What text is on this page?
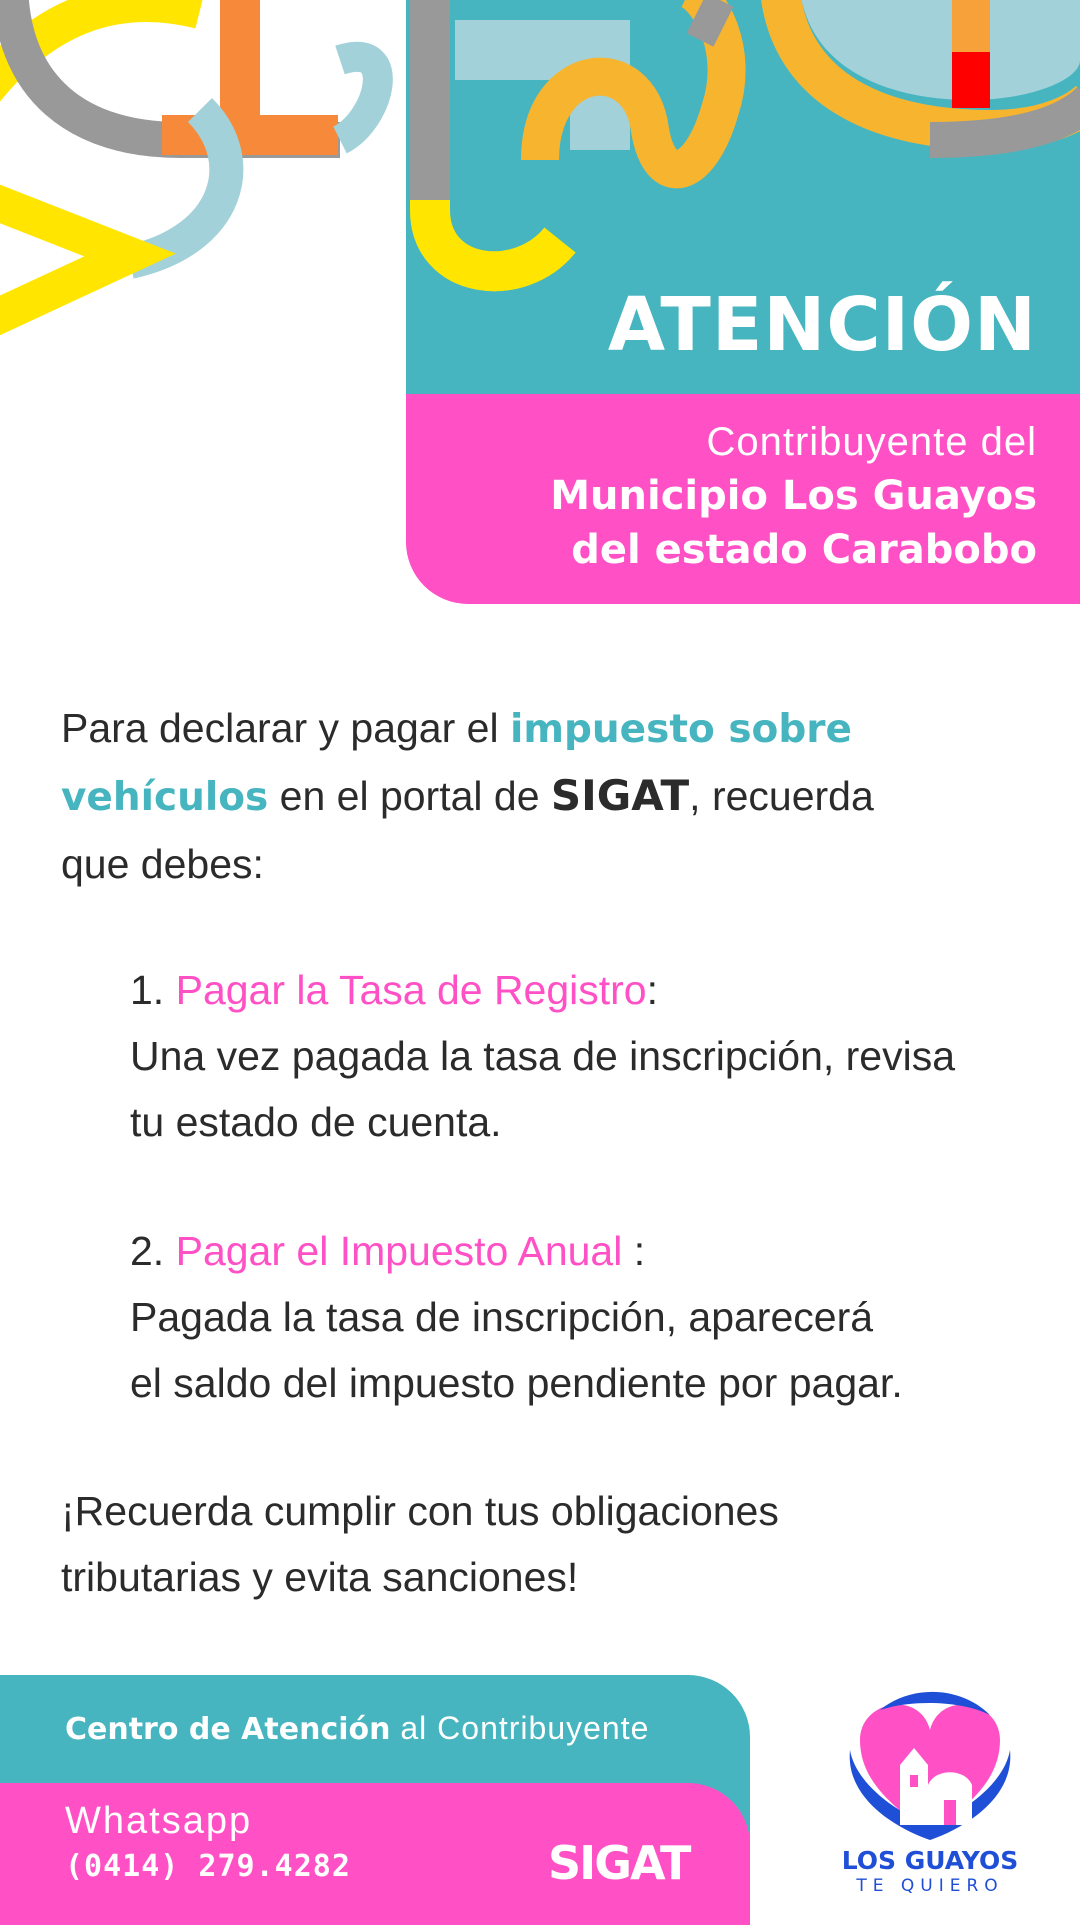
ATENCIÓN
Contribuyente del
Municipio Los Guayos
del estado Carabobo
Para declarar y pagar el impuesto sobre
vehículos en el portal de SIGAT, recuerda
que debes:
1. Pagar la Tasa de Registro:
Una vez pagada la tasa de inscripción, revisa
tu estado de cuenta.
2. Pagar el Impuesto Anual :
Pagada la tasa de inscripción, aparecerá
el saldo del impuesto pendiente por pagar.
¡Recuerda cumplir con tus obligaciones
tributarias y evita sanciones!
Centro de Atención al Contribuyente
Whatsapp
(0414) 279.4282	SIGAT	LOS GUAYOS
TE QUIERO
